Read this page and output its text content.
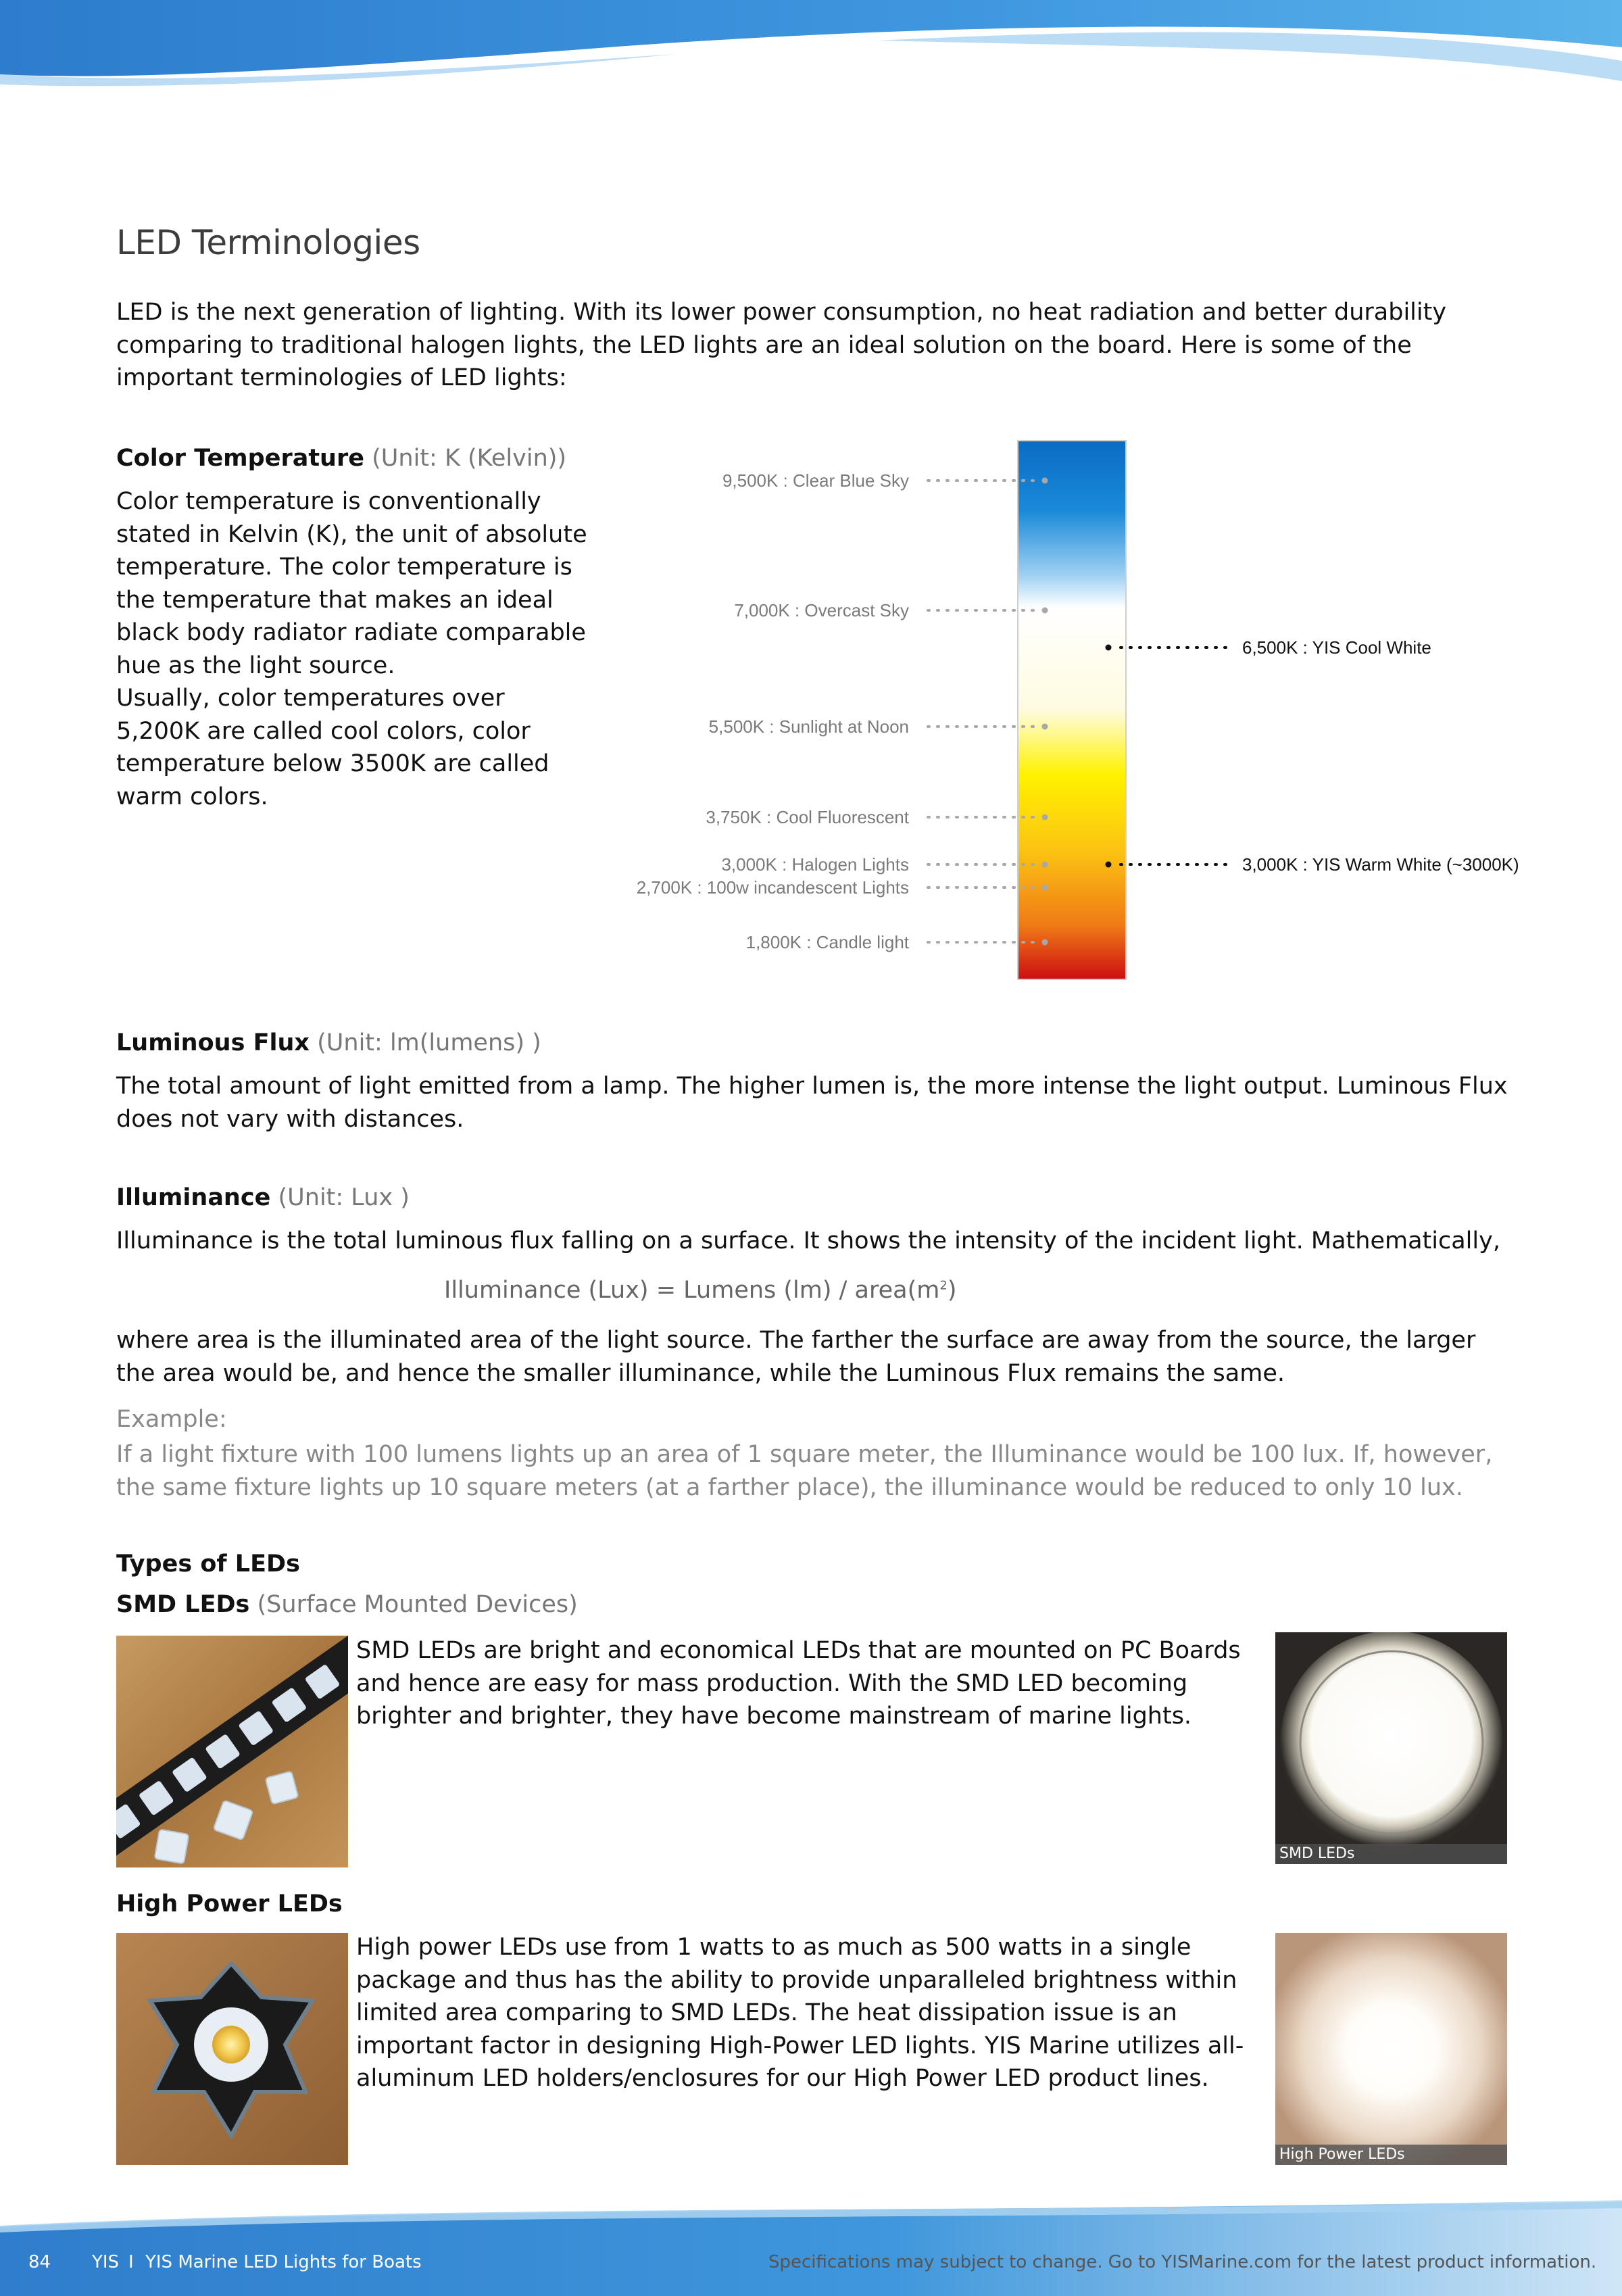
LED Terminologies
LED is the next generation of lighting. With its lower power consumption, no heat radiation and better durability comparing to traditional halogen lights, the LED lights are an ideal solution on the board. Here is some of the important terminologies of LED lights:
Color Temperature (Unit: K (Kelvin))
Color temperature is conventionally stated in Kelvin (K), the unit of absolute temperature. The color temperature is the temperature that makes an ideal black body radiator radiate comparable hue as the light source.
Usually, color temperatures over 5,200K are called cool colors, color temperature below 3500K are called warm colors.
9,500K : Clear Blue Sky
7,000K : Overcast Sky
5,500K : Sunlight at Noon
3,750K : Cool Fluorescent
3,000K : Halogen Lights
2,700K : 100w incandescent Lights
1,800K : Candle light
6,500K : YIS Cool White
3,000K : YIS Warm White (~3000K)
Luminous Flux (Unit: lm(lumens) )
The total amount of light emitted from a lamp. The higher lumen is, the more intense the light output. Luminous Flux does not vary with distances.
Illuminance (Unit: Lux )
Illuminance is the total luminous flux falling on a surface. It shows the intensity of the incident light. Mathematically,
Illuminance (Lux) = Lumens $(lm) / area(m^2)$
where area is the illuminated area of the light source. The farther the surface are away from the source, the larger the area would be, and hence the smaller illuminance, while the Luminous Flux remains the same.
Example:
If a light fixture with 100 lumens lights up an area of 1 square meter, the Illuminance would be 100 lux. If, however, the same fixture lights up 10 square meters (at a farther place), the illuminance would be reduced to only 10 lux.
Types of LEDs
SMD LEDs (Surface Mounted Devices)
SMD LEDs are bright and economical LEDs that are mounted on PC Boards and hence are easy for mass production. With the SMD LED becoming brighter and brighter, they have become mainstream of marine lights.
SMD LEDs
High Power LEDs
High power LEDs use from 1 watts to as much as 500 watts in a single package and thus has the ability to provide unparalleled brightness within limited area comparing to SMD LEDs. The heat dissipation issue is an important factor in designing High-Power LED lights. YIS Marine utilizes all-aluminum LED holders/enclosures for our High Power LED product lines.
High Power LEDs
84 YIS I YIS Marine LED Lights for Boats	Specifications may subject to change. Go to YISMarine.com for the latest product information.
